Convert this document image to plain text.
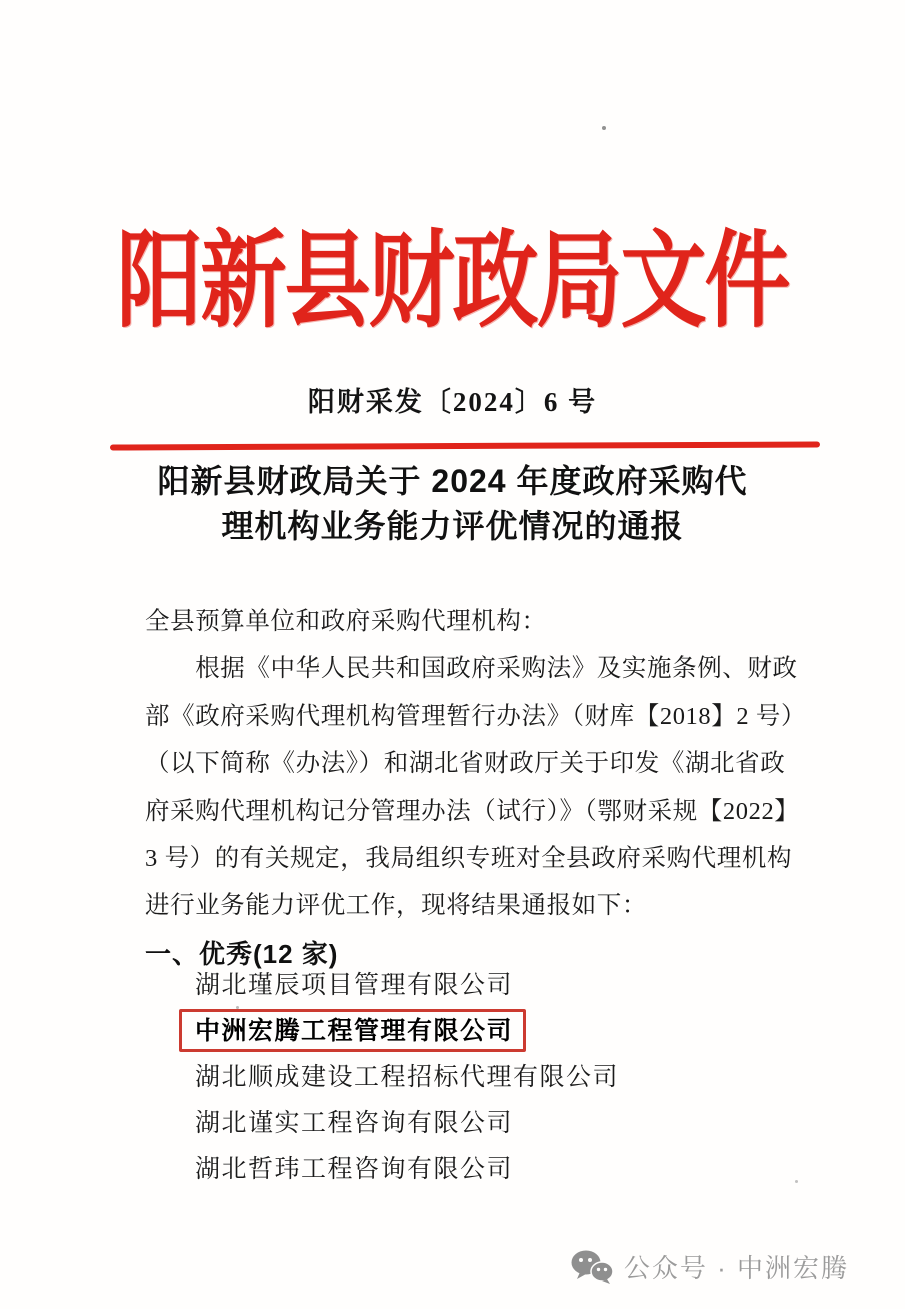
阳新县财政局文件
阳财采发〔2024〕6 号
阳新县财政局关于 2024 年度政府采购代
理机构业务能力评优情况的通报
全县预算单位和政府采购代理机构：
　　根据《中华人民共和国政府采购法》及实施条例、财政
部《政府采购代理机构管理暂行办法》（财库【2018】2 号）
（以下简称《办法》）和湖北省财政厅关于印发《湖北省政
府采购代理机构记分管理办法（试行）》（鄂财采规【2022】
3 号）的有关规定，我局组织专班对全县政府采购代理机构
进行业务能力评优工作，现将结果通报如下：
一、优秀(12 家)
湖北瑾辰项目管理有限公司
中洲宏腾工程管理有限公司
湖北顺成建设工程招标代理有限公司
湖北谨实工程咨询有限公司
湖北哲玮工程咨询有限公司
公众号 · 中洲宏腾
